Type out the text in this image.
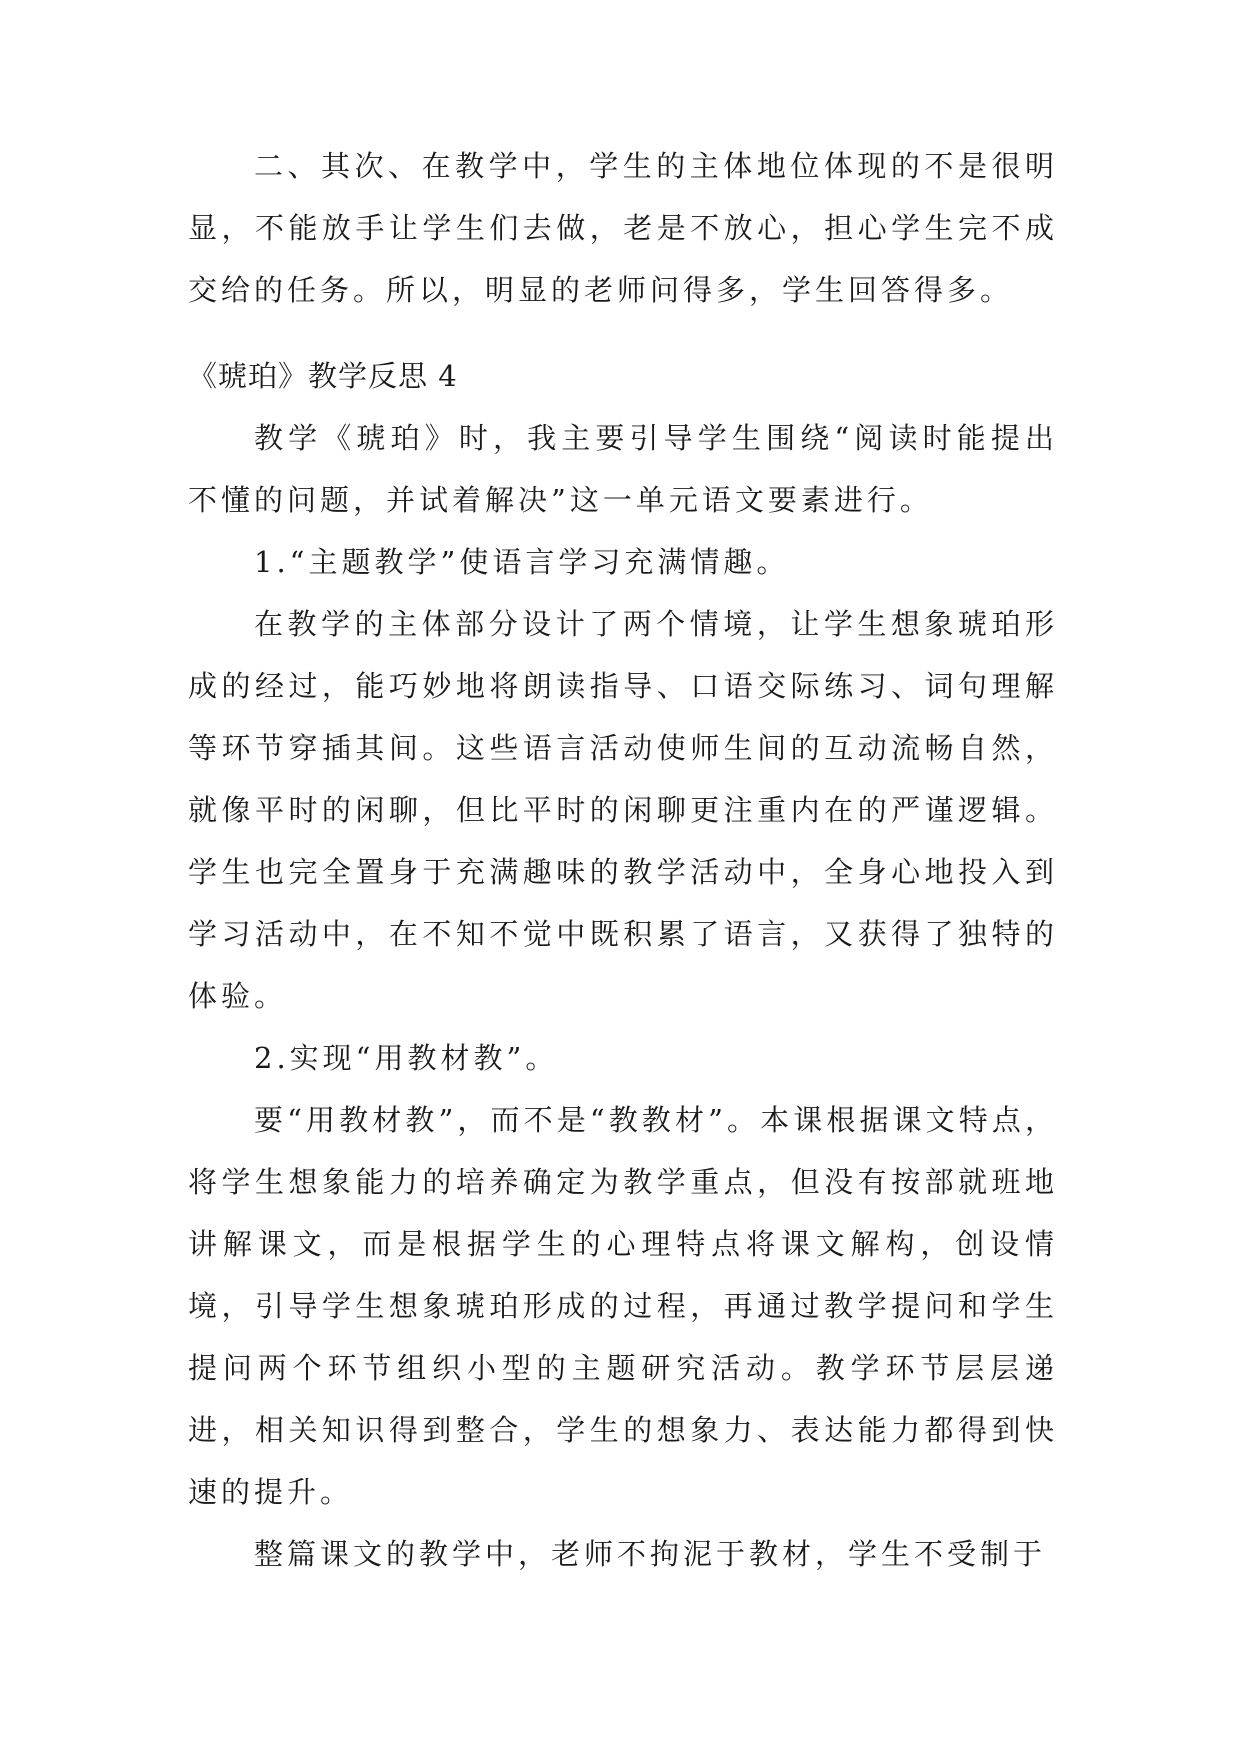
二、其次、在教学中，学生的主体地位体现的不是很明显，不能放手让学生们去做，老是不放心，担心学生完不成交给的任务。所以，明显的老师问得多，学生回答得多。

《琥珀》教学反思 4

教学《琥珀》时，我主要引导学生围绕“阅读时能提出不懂的问题，并试着解决”这一单元语文要素进行。

1.“主题教学”使语言学习充满情趣。

在教学的主体部分设计了两个情境，让学生想象琥珀形成的经过，能巧妙地将朗读指导、口语交际练习、词句理解等环节穿插其间。这些语言活动使师生间的互动流畅自然，就像平时的闲聊，但比平时的闲聊更注重内在的严谨逻辑。学生也完全置身于充满趣味的教学活动中，全身心地投入到学习活动中，在不知不觉中既积累了语言，又获得了独特的体验。

2.实现“用教材教”。

要“用教材教”，而不是“教教材”。本课根据课文特点，将学生想象能力的培养确定为教学重点，但没有按部就班地讲解课文，而是根据学生的心理特点将课文解构，创设情境，引导学生想象琥珀形成的过程，再通过教学提问和学生提问两个环节组织小型的主题研究活动。教学环节层层递进，相关知识得到整合，学生的想象力、表达能力都得到快速的提升。

整篇课文的教学中，老师不拘泥于教材，学生不受制于
